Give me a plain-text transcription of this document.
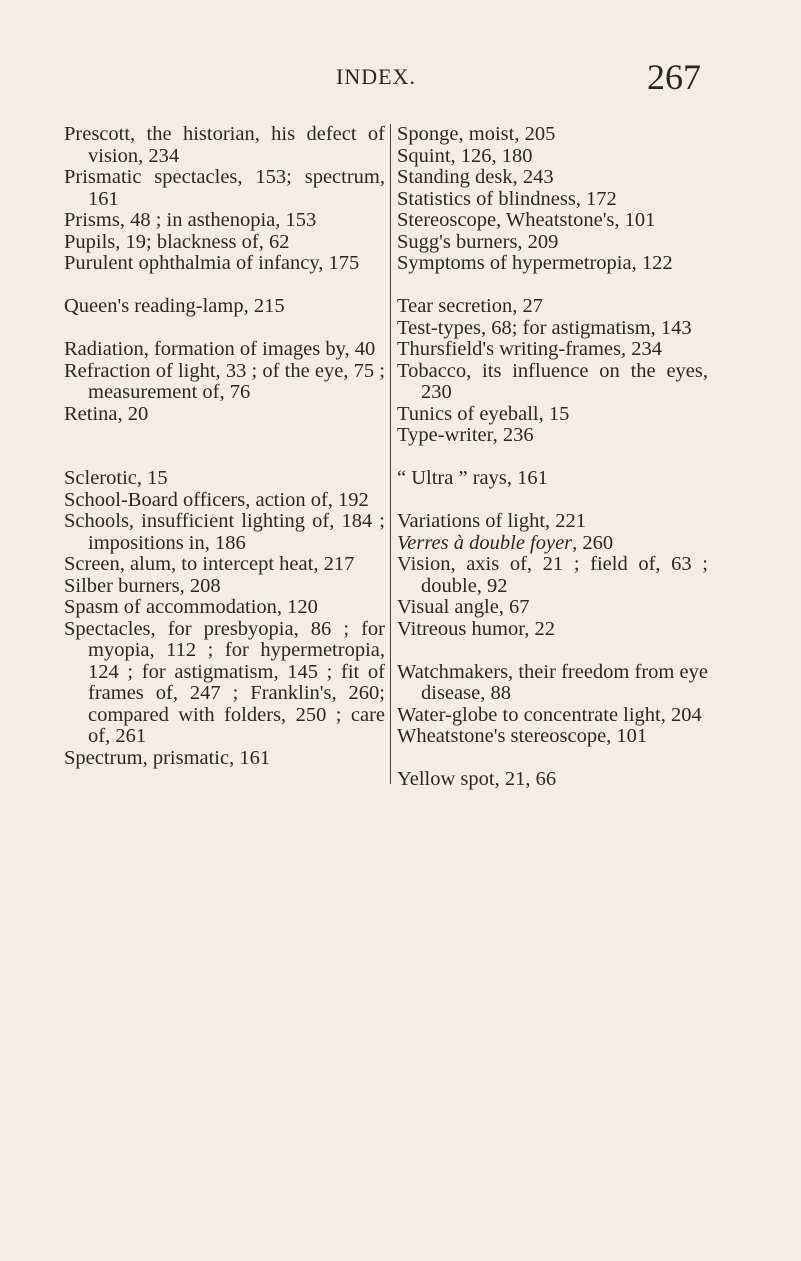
INDEX.	267

Prescott, the historian, his defect of vision, 234

Prismatic spectacles, 153; spectrum, 161

Prisms, 48 ; in asthenopia, 153

Pupils, 19; blackness of, 62

Purulent ophthalmia of infancy, 175

Queen's reading-lamp, 215

Radiation, formation of images by, 40

Refraction of light, 33 ; of the eye, 75 ; measurement of, 76

Retina, 20

Sclerotic, 15

School-Board officers, action of, 192

Schools, insufficient lighting of, 184 ; impositions in, 186

Screen, alum, to intercept heat, 217

Silber burners, 208

Spasm of accommodation, 120

Spectacles, for presbyopia, 86 ; for myopia, 112 ; for hypermetropia, 124 ; for astigmatism, 145 ; fit of frames of, 247 ; Franklin's, 260; compared with folders, 250 ; care of, 261

Spectrum, prismatic, 161

Sponge, moist, 205

Squint, 126, 180

Standing desk, 243

Statistics of blindness, 172

Stereoscope, Wheatstone's, 101

Sugg's burners, 209

Symptoms of hypermetropia, 122

Tear secretion, 27

Test-types, 68; for astigmatism, 143

Thursfield's writing-frames, 234

Tobacco, its influence on the eyes, 230

Tunics of eyeball, 15

Type-writer, 236

“ Ultra ” rays, 161

Variations of light, 221

Verres à double foyer, 260

Vision, axis of, 21 ; field of, 63 ; double, 92

Visual angle, 67

Vitreous humor, 22

Watchmakers, their freedom from eye disease, 88

Water-globe to concentrate light, 204

Wheatstone's stereoscope, 101

Yellow spot, 21, 66
